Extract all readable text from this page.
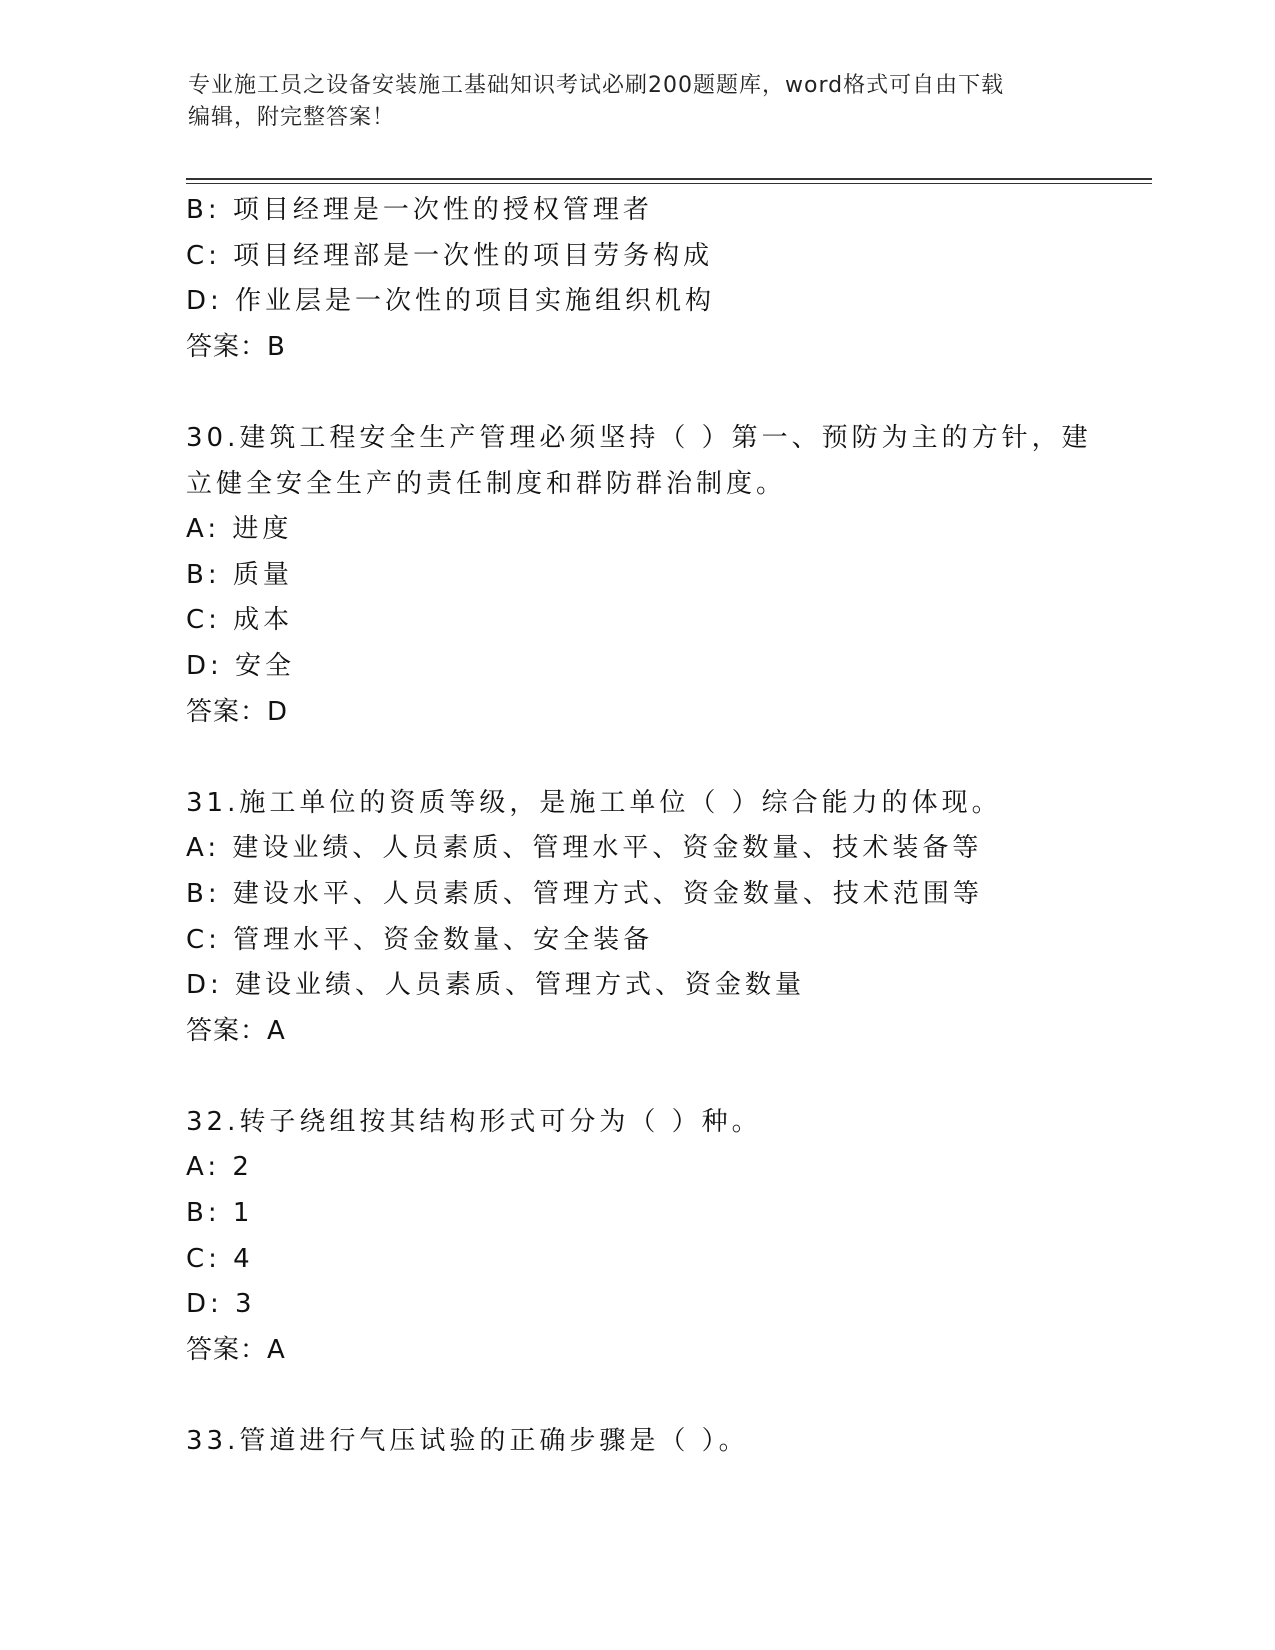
专业施工员之设备安装施工基础知识考试必刷200题题库，word格式可自由下载
编辑，附完整答案！
B: 项目经理是一次性的授权管理者
C: 项目经理部是一次性的项目劳务构成
D: 作业层是一次性的项目实施组织机构
答案：B
30.建筑工程安全生产管理必须坚持（ ）第一、预防为主的方针，建
立健全安全生产的责任制度和群防群治制度。
A: 进度
B: 质量
C: 成本
D: 安全
答案：D
31.施工单位的资质等级，是施工单位（ ）综合能力的体现。
A: 建设业绩、人员素质、管理水平、资金数量、技术装备等
B: 建设水平、人员素质、管理方式、资金数量、技术范围等
C: 管理水平、资金数量、安全装备
D: 建设业绩、人员素质、管理方式、资金数量
答案：A
32.转子绕组按其结构形式可分为（ ）种。
A: 2
B: 1
C: 4
D: 3
答案：A
33.管道进行气压试验的正确步骤是（ ）。
